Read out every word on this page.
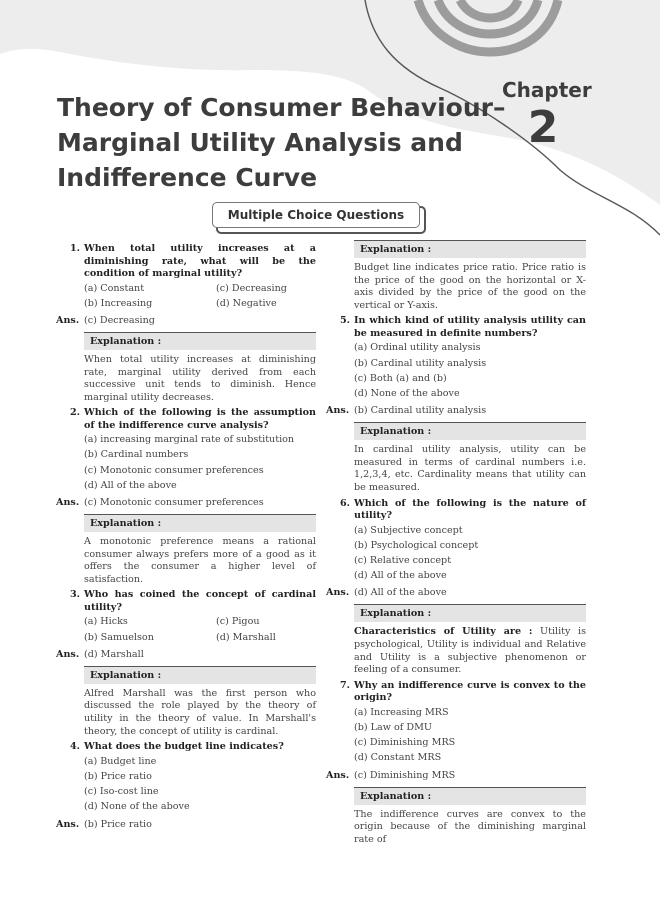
Theory of Consumer Behaviour– Marginal Utility Analysis and Indifference Curve
Chapter
2
Multiple Choice Questions
1. When total utility increases at a diminishing rate, what will be the condition of marginal utility?
(a) Constant	(c) Decreasing
(b) Increasing	(d) Negative
Ans. (c) Decreasing
Explanation :
When total utility increases at diminishing rate, marginal utility derived from each successive unit tends to diminish. Hence marginal utility decreases.
2. Which of the following is the assumption of the indifference curve analysis?
(a) increasing marginal rate of substitution
(b) Cardinal numbers
(c) Monotonic consumer preferences
(d) All of the above
Ans. (c) Monotonic consumer preferences
Explanation :
A monotonic preference means a rational consumer always prefers more of a good as it offers the consumer a higher level of satisfaction.
3. Who has coined the concept of cardinal utility?
(a) Hicks	(c) Pigou
(b) Samuelson	(d) Marshall
Ans. (d) Marshall
Explanation :
Alfred Marshall was the first person who discussed the role played by the theory of utility in the theory of value. In Marshall's theory, the concept of utility is cardinal.
4. What does the budget line indicates?
(a) Budget line
(b) Price ratio
(c) Iso-cost line
(d) None of the above
Ans. (b) Price ratio
Explanation :
Budget line indicates price ratio. Price ratio is the price of the good on the horizontal or X-axis divided by the price of the good on the vertical or Y-axis.
5. In which kind of utility analysis utility can be measured in definite numbers?
(a) Ordinal utility analysis
(b) Cardinal utility analysis
(c) Both (a) and (b)
(d) None of the above
Ans. (b) Cardinal utility analysis
Explanation :
In cardinal utility analysis, utility can be measured in terms of cardinal numbers i.e. 1,2,3,4, etc. Cardinality means that utility can be measured.
6. Which of the following is the nature of utility?
(a) Subjective concept
(b) Psychological concept
(c) Relative concept
(d) All of the above
Ans. (d) All of the above
Explanation :
Characteristics of Utility are : Utility is psychological, Utility is individual and Relative and Utility is a subjective phenomenon or feeling of a consumer.
7. Why an indifference curve is convex to the origin?
(a) Increasing MRS
(b) Law of DMU
(c) Diminishing MRS
(d) Constant MRS
Ans. (c) Diminishing MRS
Explanation :
The indifference curves are convex to the origin because of the diminishing marginal rate of
